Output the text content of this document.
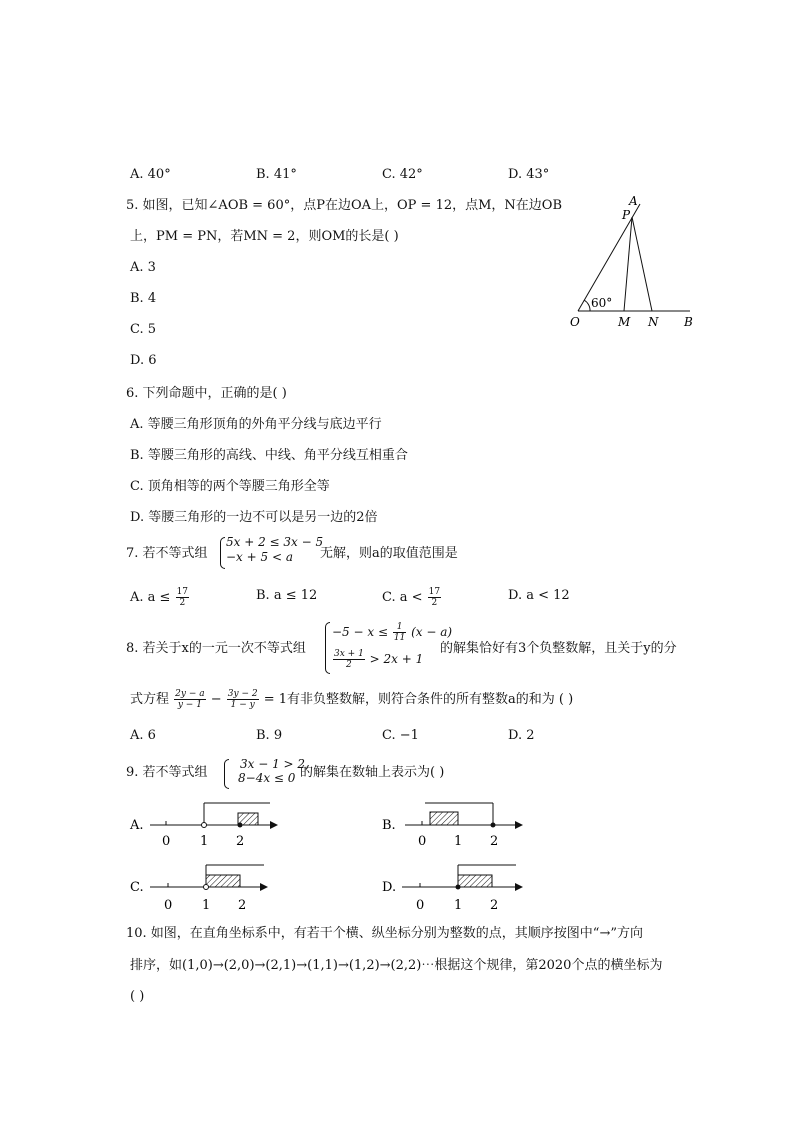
A. 40°	B. 41°	C. 42°	D. 43°
5. 如图，已知∠AOB = 60°，点P在边OA上，OP = 12，点M，N在边OB
上，PM = PN，若MN = 2，则OM的长是( )
A. 3
B. 4
C. 5
D. 6
A
P
O	M N B
60°
6. 下列命题中，正确的是( )
A. 等腰三角形顶角的外角平分线与底边平行
B. 等腰三角形的高线、中线、角平分线互相重合
C. 顶角相等的两个等腰三角形全等
D. 等腰三角形的一边不可以是另一边的2倍
7. 若不等式组
5x + 2 ≤ 3x − 5
−x + 5 < a 无解，则a的取值范围是
A. $a \le \frac{17}{2}$	B. a ≤ 12	C. $a < \frac{17}{2}$	D. a < 12
8. 若关于x的一元一次不等式组
$-5 - x \le \frac{1}{11} (x - a)$
$\frac{3x + 1}{2} > 2x + 1$
的解集恰好有3个负整数解，且关于y的分
式方程 $\frac{2y - a}{y - 1} - \frac{3y - 2}{1 - y} = 1$有非负整数解，则符合条件的所有整数a的和为 ( )
A. 6	B. 9	C. −1	D. 2
9. 若不等式组
3x − 1 > 2,
8−4x ≤ 0 的解集在数轴上表示为( )
A.
0 1 2
B.
0 1 2
C.
0 1 2
D.
0 1 2
10. 如图，在直角坐标系中，有若干个横、纵坐标分别为整数的点，其顺序按图中“→”方向
排序，如(1,0)→(2,0)→(2,1)→(1,1)→(1,2)→(2,2)⋯根据这个规律，第2020个点的横坐标为
( )
